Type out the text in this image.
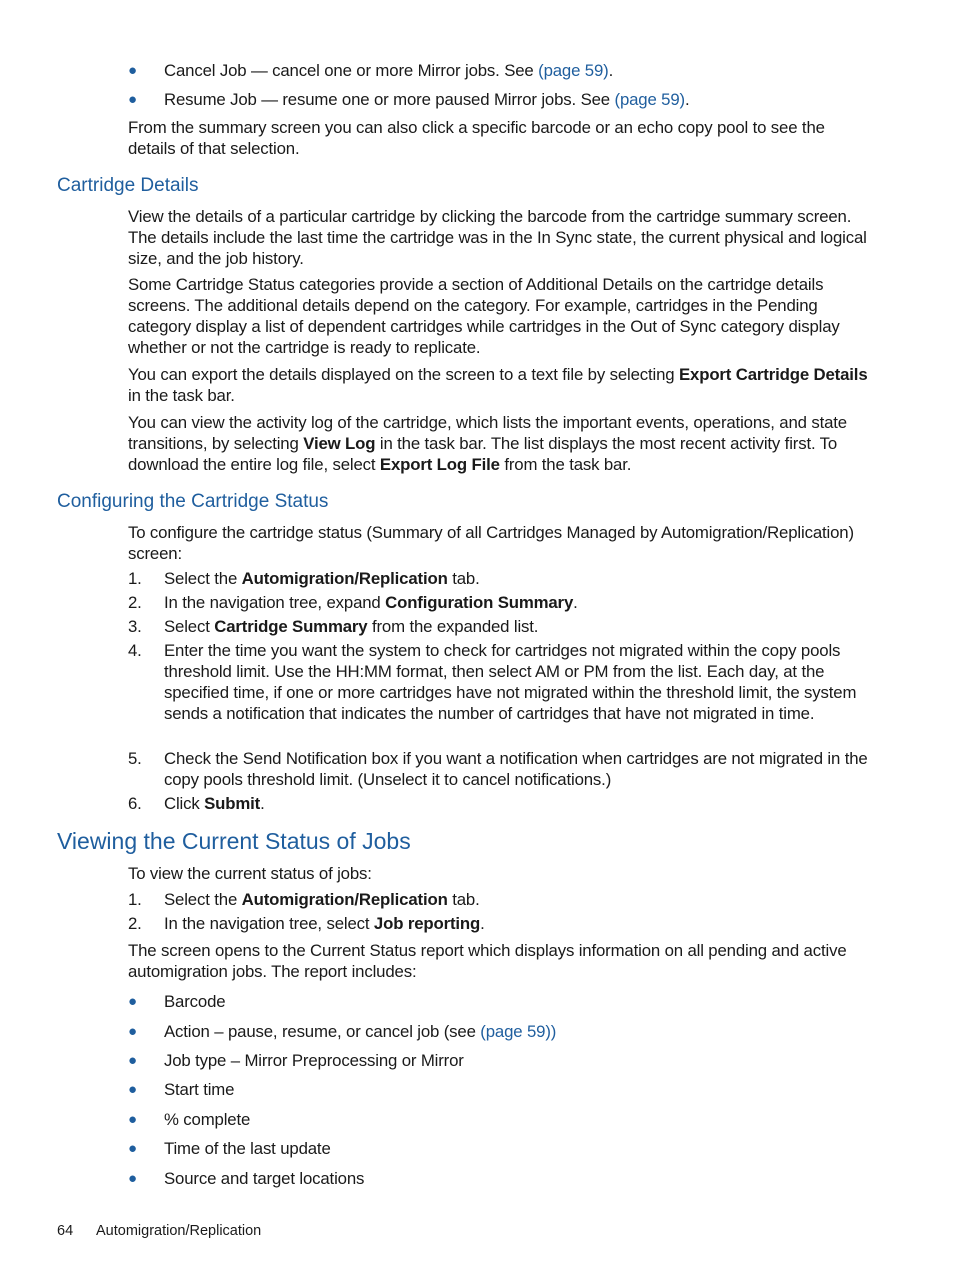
● Cancel Job — cancel one or more Mirror jobs. See (page 59).
● Resume Job — resume one or more paused Mirror jobs. See (page 59).
From the summary screen you can also click a specific barcode or an echo copy pool to see the details of that selection.
Cartridge Details
View the details of a particular cartridge by clicking the barcode from the cartridge summary screen. The details include the last time the cartridge was in the In Sync state, the current physical and logical size, and the job history.
Some Cartridge Status categories provide a section of Additional Details on the cartridge details screens. The additional details depend on the category. For example, cartridges in the Pending category display a list of dependent cartridges while cartridges in the Out of Sync category display whether or not the cartridge is ready to replicate.
You can export the details displayed on the screen to a text file by selecting Export Cartridge Details in the task bar.
You can view the activity log of the cartridge, which lists the important events, operations, and state transitions, by selecting View Log in the task bar. The list displays the most recent activity first. To download the entire log file, select Export Log File from the task bar.
Configuring the Cartridge Status
To configure the cartridge status (Summary of all Cartridges Managed by Automigration/Replication) screen:
1. Select the Automigration/Replication tab.
2. In the navigation tree, expand Configuration Summary.
3. Select Cartridge Summary from the expanded list.
4. Enter the time you want the system to check for cartridges not migrated within the copy pools threshold limit. Use the HH:MM format, then select AM or PM from the list. Each day, at the specified time, if one or more cartridges have not migrated within the threshold limit, the system sends a notification that indicates the number of cartridges that have not migrated in time.
5. Check the Send Notification box if you want a notification when cartridges are not migrated in the copy pools threshold limit. (Unselect it to cancel notifications.)
6. Click Submit.
Viewing the Current Status of Jobs
To view the current status of jobs:
1. Select the Automigration/Replication tab.
2. In the navigation tree, select Job reporting.
The screen opens to the Current Status report which displays information on all pending and active automigration jobs. The report includes:
● Barcode
● Action – pause, resume, or cancel job (see (page 59))
● Job type – Mirror Preprocessing or Mirror
● Start time
● % complete
● Time of the last update
● Source and target locations
64 Automigration/Replication
